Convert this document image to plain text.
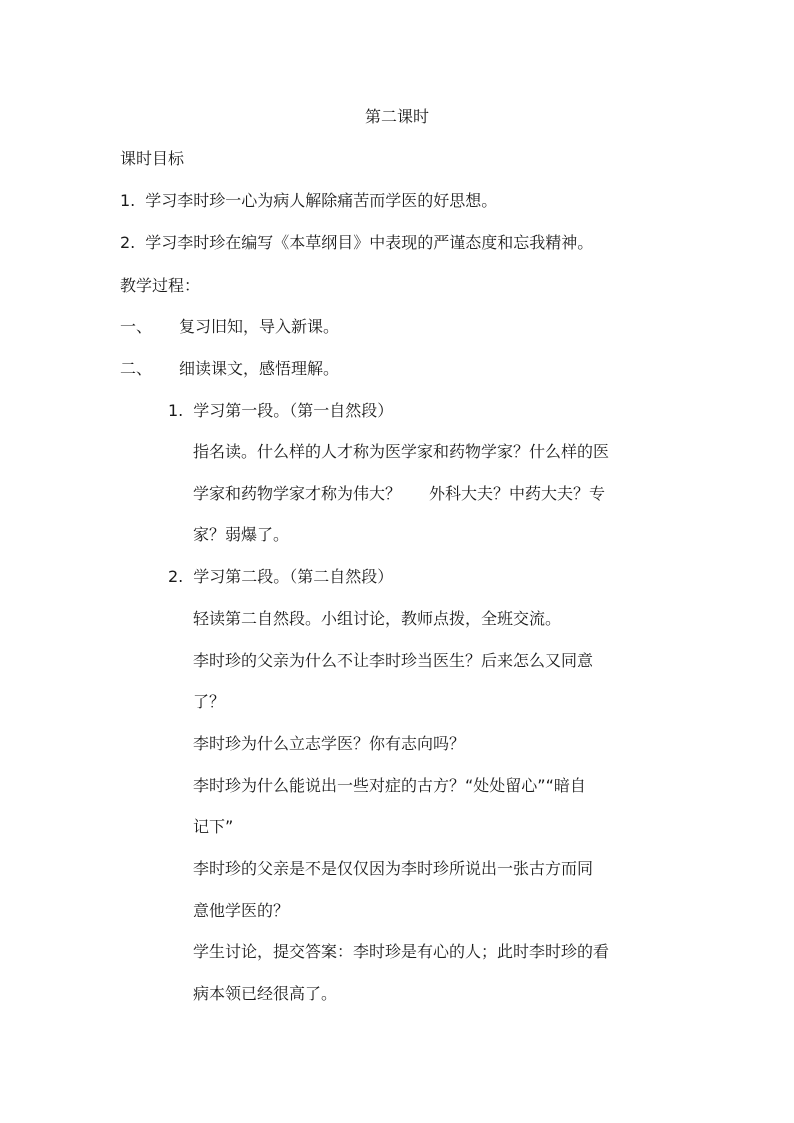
第二课时
课时目标
1. 学习李时珍一心为病人解除痛苦而学医的好思想。
2. 学习李时珍在编写《本草纲目》中表现的严谨态度和忘我精神。
教学过程：
一、 复习旧知，导入新课。
二、 细读课文，感悟理解。
1. 学习第一段。（第一自然段）
指名读。什么样的人才称为医学家和药物学家？什么样的医
学家和药物学家才称为伟大？ 外科大夫？中药大夫？专
家？弱爆了。
2. 学习第二段。（第二自然段）
轻读第二自然段。小组讨论，教师点拨，全班交流。
李时珍的父亲为什么不让李时珍当医生？后来怎么又同意
了？
李时珍为什么立志学医？你有志向吗？
李时珍为什么能说出一些对症的古方？“处处留心”“暗自
记下”
李时珍的父亲是不是仅仅因为李时珍所说出一张古方而同
意他学医的？
学生讨论，提交答案：李时珍是有心的人；此时李时珍的看
病本领已经很高了。
